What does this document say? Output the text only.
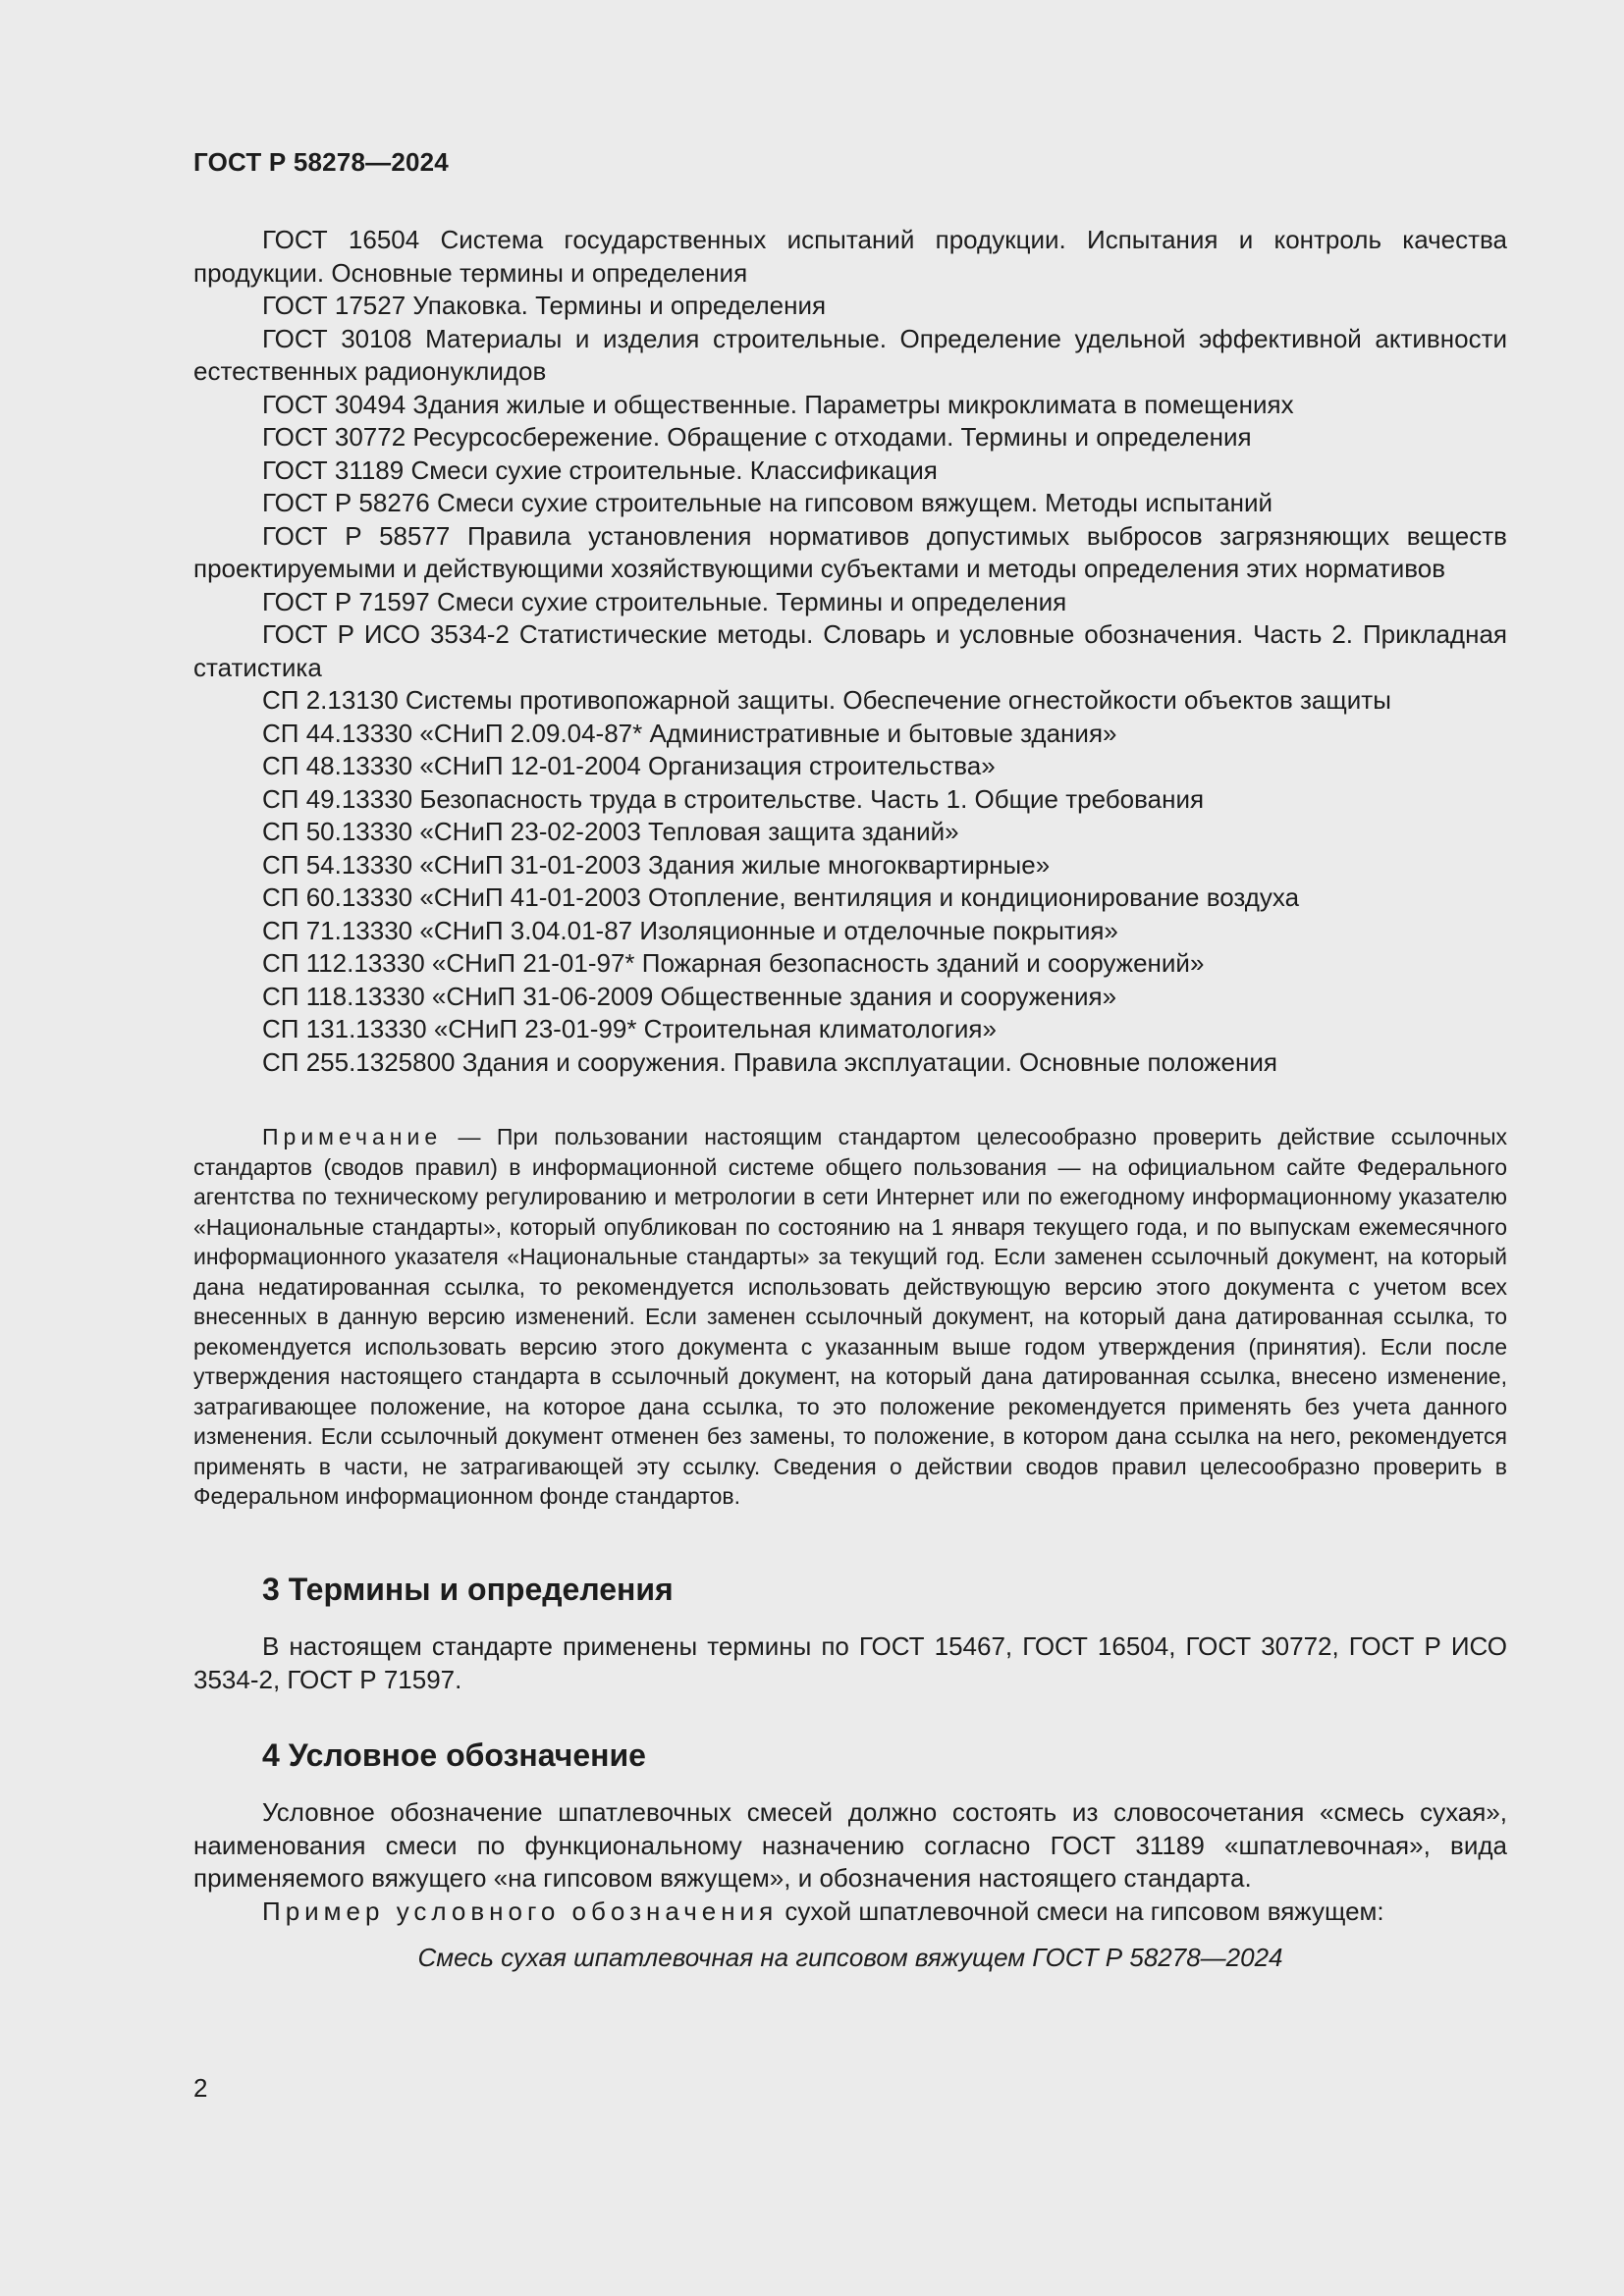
ГОСТ Р 58278—2024

ГОСТ 16504 Система государственных испытаний продукции. Испытания и контроль качества продукции. Основные термины и определения

ГОСТ 17527 Упаковка. Термины и определения

ГОСТ 30108 Материалы и изделия строительные. Определение удельной эффективной активности естественных радионуклидов

ГОСТ 30494 Здания жилые и общественные. Параметры микроклимата в помещениях

ГОСТ 30772 Ресурсосбережение. Обращение с отходами. Термины и определения

ГОСТ 31189 Смеси сухие строительные. Классификация

ГОСТ Р 58276 Смеси сухие строительные на гипсовом вяжущем. Методы испытаний

ГОСТ Р 58577 Правила установления нормативов допустимых выбросов загрязняющих веществ проектируемыми и действующими хозяйствующими субъектами и методы определения этих нормативов

ГОСТ Р 71597 Смеси сухие строительные. Термины и определения

ГОСТ Р ИСО 3534-2 Статистические методы. Словарь и условные обозначения. Часть 2. Прикладная статистика

СП 2.13130 Системы противопожарной защиты. Обеспечение огнестойкости объектов защиты

СП 44.13330 «СНиП 2.09.04-87* Административные и бытовые здания»

СП 48.13330 «СНиП 12-01-2004 Организация строительства»

СП 49.13330 Безопасность труда в строительстве. Часть 1. Общие требования

СП 50.13330 «СНиП 23-02-2003 Тепловая защита зданий»

СП 54.13330 «СНиП 31-01-2003 Здания жилые многоквартирные»

СП 60.13330 «СНиП 41-01-2003 Отопление, вентиляция и кондиционирование воздуха

СП 71.13330 «СНиП 3.04.01-87 Изоляционные и отделочные покрытия»

СП 112.13330 «СНиП 21-01-97* Пожарная безопасность зданий и сооружений»

СП 118.13330 «СНиП 31-06-2009 Общественные здания и сооружения»

СП 131.13330 «СНиП 23-01-99* Строительная климатология»

СП 255.1325800 Здания и сооружения. Правила эксплуатации. Основные положения

Примечание — При пользовании настоящим стандартом целесообразно проверить действие ссылочных стандартов (сводов правил) в информационной системе общего пользования — на официальном сайте Федерального агентства по техническому регулированию и метрологии в сети Интернет или по ежегодному информационному указателю «Национальные стандарты», который опубликован по состоянию на 1 января текущего года, и по выпускам ежемесячного информационного указателя «Национальные стандарты» за текущий год. Если заменен ссылочный документ, на который дана недатированная ссылка, то рекомендуется использовать действующую версию этого документа с учетом всех внесенных в данную версию изменений. Если заменен ссылочный документ, на который дана датированная ссылка, то рекомендуется использовать версию этого документа с указанным выше годом утверждения (принятия). Если после утверждения настоящего стандарта в ссылочный документ, на который дана датированная ссылка, внесено изменение, затрагивающее положение, на которое дана ссылка, то это положение рекомендуется применять без учета данного изменения. Если ссылочный документ отменен без замены, то положение, в котором дана ссылка на него, рекомендуется применять в части, не затрагивающей эту ссылку. Сведения о действии сводов правил целесообразно проверить в Федеральном информационном фонде стандартов.
3 Термины и определения

В настоящем стандарте применены термины по ГОСТ 15467, ГОСТ 16504, ГОСТ 30772, ГОСТ Р ИСО 3534-2, ГОСТ Р 71597.

4 Условное обозначение

Условное обозначение шпатлевочных смесей должно состоять из словосочетания «смесь сухая», наименования смеси по функциональному назначению согласно ГОСТ 31189 «шпатлевочная», вида применяемого вяжущего «на гипсовом вяжущем», и обозначения настоящего стандарта.

Пример условного обозначения сухой шпатлевочной смеси на гипсовом вяжущем:

Смесь сухая шпатлевочная на гипсовом вяжущем ГОСТ Р 58278—2024
2
